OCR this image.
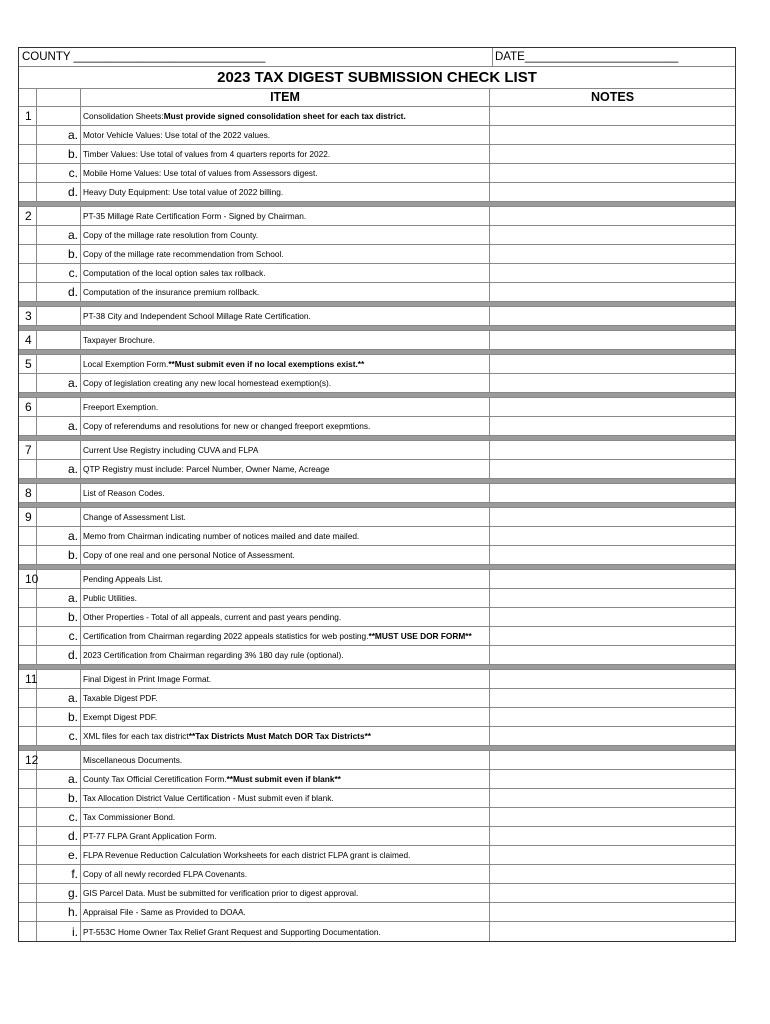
COUNTY ______________________________	DATE________________________
2023 TAX DIGEST SUBMISSION CHECK LIST
ITEM	NOTES
1	Consolidation Sheets: Must provide signed consolidation sheet for each tax district.
a. Motor Vehicle Values: Use total of the 2022 values.
b. Timber Values: Use total of values from 4 quarters reports for 2022.
c. Mobile Home Values: Use total of values from Assessors digest.
d. Heavy Duty Equipment: Use total value of 2022 billing.
2	PT-35 Millage Rate Certification Form - Signed by Chairman.
a. Copy of the millage rate resolution from County.
b. Copy of the millage rate recommendation from School.
c. Computation of the local option sales tax rollback.
d. Computation of the insurance premium rollback.
3	PT-38 City and Independent School Millage Rate Certification.
4	Taxpayer Brochure.
5	Local Exemption Form. **Must submit even if no local exemptions exist.**
a. Copy of legislation creating any new local homestead exemption(s).
6	Freeport Exemption.
a. Copy of referendums and resolutions for new or changed freeport exepmtions.
7	Current Use Registry including CUVA and FLPA
a. QTP Registry must include: Parcel Number, Owner Name, Acreage
8	List of Reason Codes.
9	Change of Assessment List.
a. Memo from Chairman indicating number of notices mailed and date mailed.
b. Copy of one real and one personal Notice of Assessment.
10	Pending Appeals List.
a. Public Utilities.
b. Other Properties - Total of all appeals, current and past years pending.
c. Certification from Chairman regarding 2022 appeals statistics for web posting. **MUST USE DOR FORM**
d. 2023 Certification from Chairman regarding 3% 180 day rule (optional).
11	Final Digest in Print Image Format.
a. Taxable Digest PDF.
b. Exempt Digest PDF.
c. XML files for each tax district **Tax Districts Must Match DOR Tax Districts**
12	Miscellaneous Documents.
a. County Tax Official Ceretification Form. **Must submit even if blank**
b. Tax Allocation District Value Certification - Must submit even if blank.
c. Tax Commissioner Bond.
d. PT-77 FLPA Grant Application Form.
e. FLPA Revenue Reduction Calculation Worksheets for each district FLPA grant is claimed.
f. Copy of all newly recorded FLPA Covenants.
g. GIS Parcel Data. Must be submitted for verification prior to digest approval.
h. Appraisal File - Same as Provided to DOAA.
i. PT-553C Home Owner Tax Relief Grant Request and Supporting Documentation.
